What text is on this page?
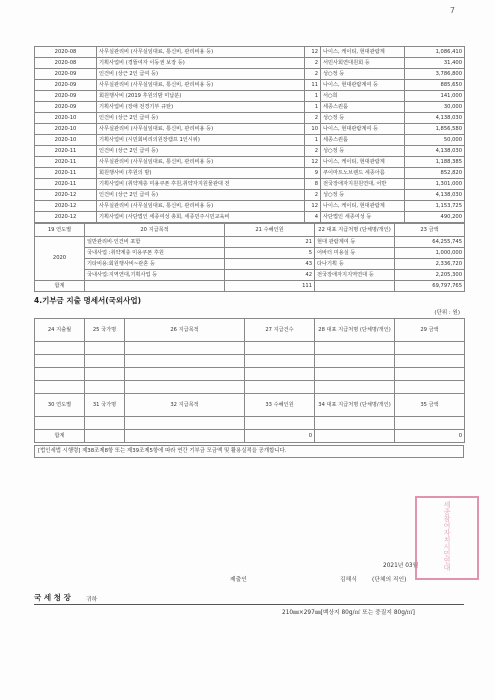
7
2020-08	사무실관리비 (사무실임대료, 통신비, 관리비용 등)	12	나이스, 케이티, 현대관람계	1,086,410
2020-08	기획사업비 (경뜰여자 이동권 보장 등)	2	서민사회연대원회 등	31,400
2020-09	인건비 (상근 2인 급여 등)	2	성○정 등	3,786,800
2020-09	사무실관리비 (사무실임대료, 통신비, 관리비용 등)	11	나이스, 현대관람계여 등	885,650
2020-09	회원행사비 (2019 후원의밤 미납분)	1	서○희	141,000
2020-09	기획사업비 (장애 전경기부 규탄)	1	세종스퀀룸	30,000
2020-10	인건비 (상근 2인 급여 등)	2	성○정 등	4,138,030
2020-10	사무실관리비 (사무실임대료, 통신비, 관리비용 등)	10	나이스, 현대관람계여 등	1,856,580
2020-10	기획사업비 (시민회비리의원장캠프 1인시위)	1	세종스퀀룸	50,000
2020-11	인건비 (상근 2인 급여 등)	2	성○정 등	4,138,030
2020-11	사무실관리비 (사무실임대료, 통신비, 관리비용 등)	12	나이스, 케이티, 현대관람계	1,188,385
2020-11	회원행사비 (후원의 밤)	9	쿠이마트노브랜드 세종아름	852,820
2020-11	기획사업비 (취약계층 미용쿠폰 후원,취약자지원물관대 전	8	전국장애자지원원연대, 어반	1,301,000
2020-12	인건비 (상근 2인 급여 등)	2	성○정 등	4,138,030
2020-12	사무실관리비 (사무실임대료, 통신비, 관리비용 등)	12	나이스, 케이티, 현대관람계	1,153,725
2020-12	기획사업비 (사단법인 세종여성 총회, 세종민주시민교육비	4	사단법인 세종여성 등	490,200
19 연도별	20 지급목적	21 수혜인원	22 대표 지급처명 (단체명/개인)	23 금액
2020	일반관리비·인건비 포함	21	현대 관람계여 등	64,255,745
	국내사업 :취약계층 미용쿠폰 후원	5	어바터 미용실 등	1,000,000
	기타비용:회원행사비~관혼 등	43	다나기획 등	2,336,720
	국내사업:지역연대,기획사업 등	42	전국장애자지지역연대 등	2,205,300
합계		111		69,797,765
4.기부금 지출 명세서(국외사업)
(단위 : 원)
24 지출월	25 국가명	26 지급목적	27 지급건수	28 대표 지급처명 (단체명/개인)	29 금액

30 연도별	31 국가명	32 지급목적	33 수혜인원	34 대표 지급처명 (단체명/개인)	35 금액

합계			0		0
[법인세법 시행령] 제38조제8항 또는 제39조제5항에 따라 연간 기부금 모금액 및 활용실적을 공개합니다.
2021년 03월
제출인	김해식	(단체의 직인)
국 세 청 장	귀하
210㎜×297㎜[백상지 80g/㎡ 또는 중질지 80g/㎡]
세종참여자치시민연대
